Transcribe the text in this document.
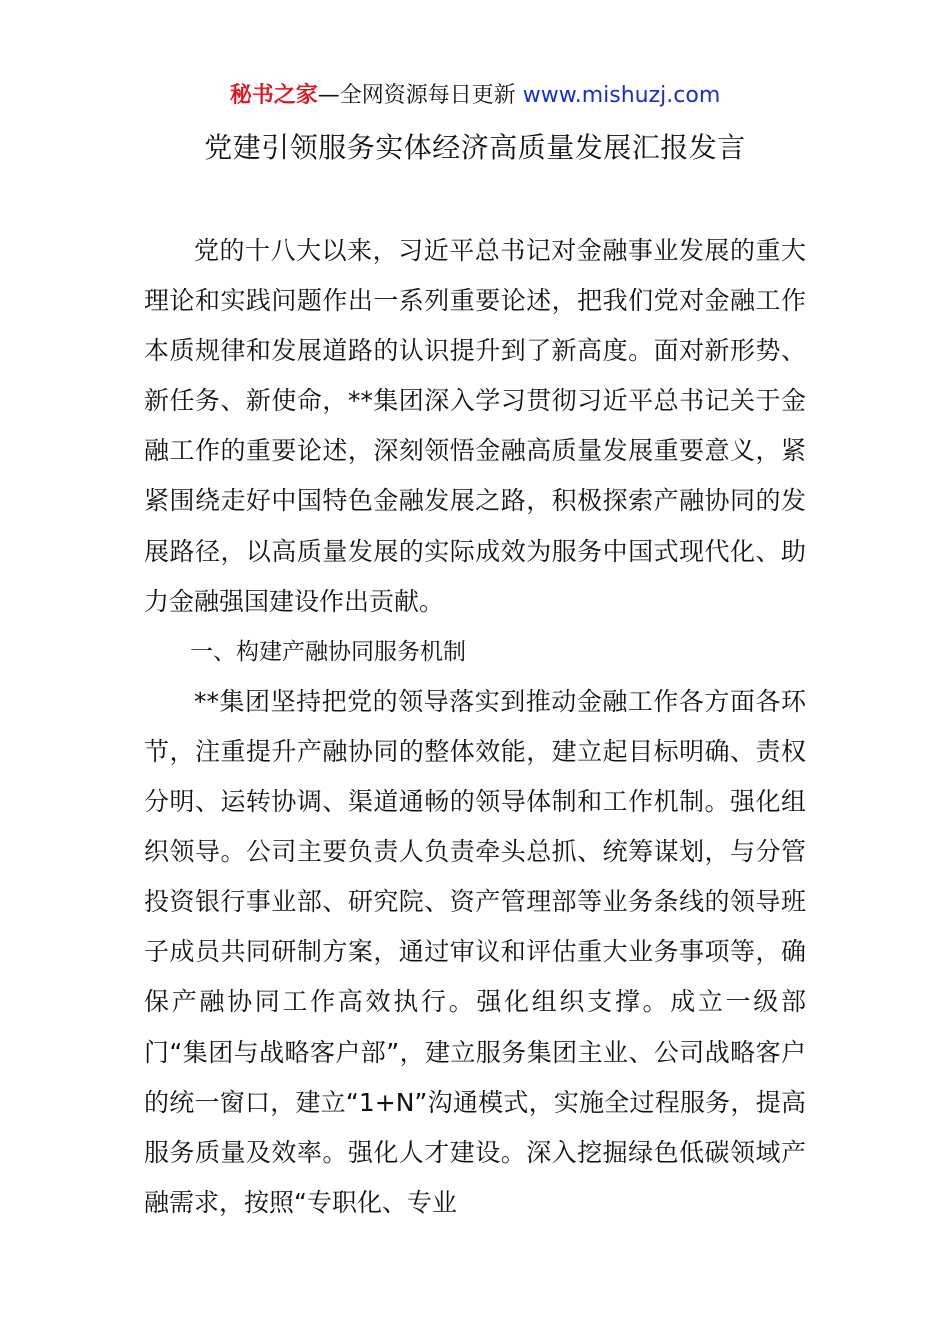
秘书之家—全网资源每日更新 www.mishuzj.com
党建引领服务实体经济高质量发展汇报发言

党的十八大以来，习近平总书记对金融事业发展的重大理论和实践问题作出一系列重要论述，把我们党对金融工作本质规律和发展道路的认识提升到了新高度。面对新形势、新任务、新使命，**集团深入学习贯彻习近平总书记关于金融工作的重要论述，深刻领悟金融高质量发展重要意义，紧紧围绕走好中国特色金融发展之路，积极探索产融协同的发展路径，以高质量发展的实际成效为服务中国式现代化、助力金融强国建设作出贡献。

一、构建产融协同服务机制

**集团坚持把党的领导落实到推动金融工作各方面各环节，注重提升产融协同的整体效能，建立起目标明确、责权分明、运转协调、渠道通畅的领导体制和工作机制。强化组织领导。公司主要负责人负责牵头总抓、统筹谋划，与分管投资银行事业部、研究院、资产管理部等业务条线的领导班子成员共同研制方案，通过审议和评估重大业务事项等，确保产融协同工作高效执行。强化组织支撑。成立一级部门“集团与战略客户部”，建立服务集团主业、公司战略客户的统一窗口，建立“1+N”沟通模式，实施全过程服务，提高服务质量及效率。强化人才建设。深入挖掘绿色低碳领域产融需求，按照“专职化、专业
